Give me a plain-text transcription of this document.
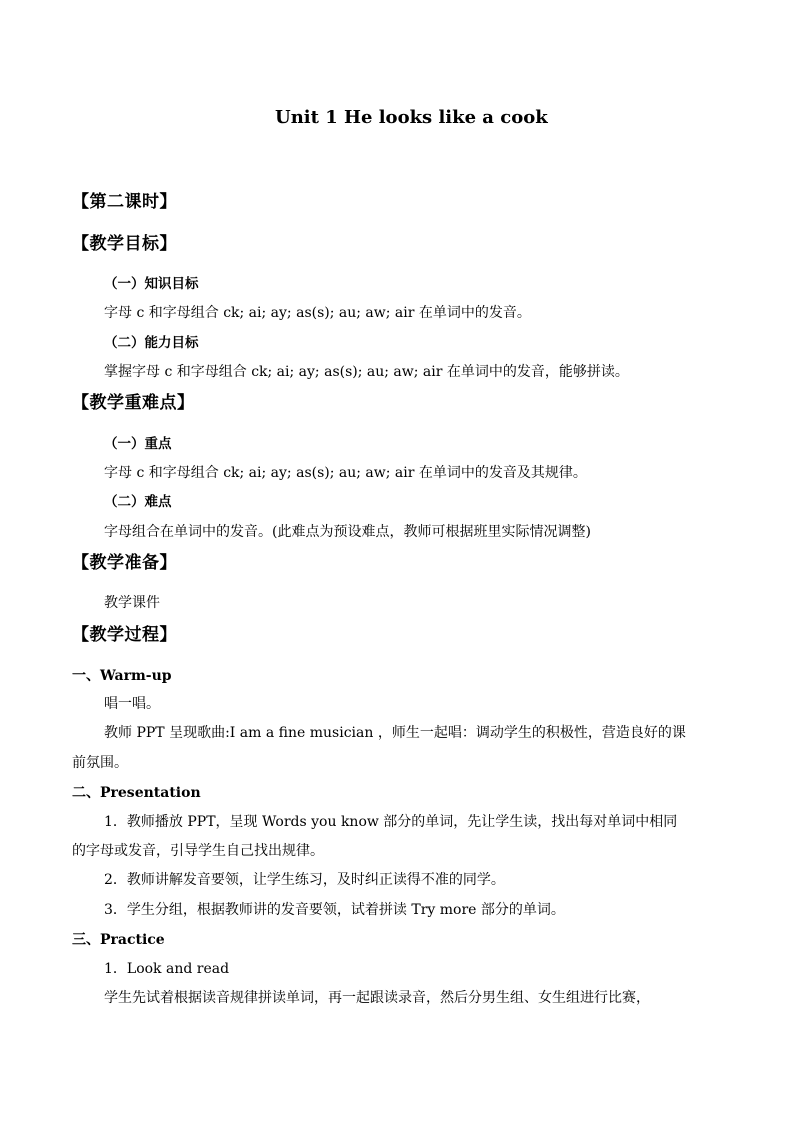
Unit 1 He looks like a cook
【第二课时】
【教学目标】
（一）知识目标
字母 c 和字母组合 ck; ai; ay; as(s); au; aw; air 在单词中的发音。
（二）能力目标
掌握字母 c 和字母组合 ck; ai; ay; as(s); au; aw; air 在单词中的发音，能够拼读。
【教学重难点】
（一）重点
字母 c 和字母组合 ck; ai; ay; as(s); au; aw; air 在单词中的发音及其规律。
（二）难点
字母组合在单词中的发音。(此难点为预设难点，教师可根据班里实际情况调整)
【教学准备】
教学课件
【教学过程】
一、Warm-up
唱一唱。
教师 PPT 呈现歌曲:I am a fine musician ，师生一起唱：调动学生的积极性，营造良好的课
前氛围。
二、Presentation
1．教师播放 PPT，呈现 Words you know 部分的单词，先让学生读，找出每对单词中相同
的字母或发音，引导学生自己找出规律。
2．教师讲解发音要领，让学生练习，及时纠正读得不准的同学。
3．学生分组，根据教师讲的发音要领，试着拼读 Try more 部分的单词。
三、Practice
1．Look and read
学生先试着根据读音规律拼读单词，再一起跟读录音，然后分男生组、女生组进行比赛，
